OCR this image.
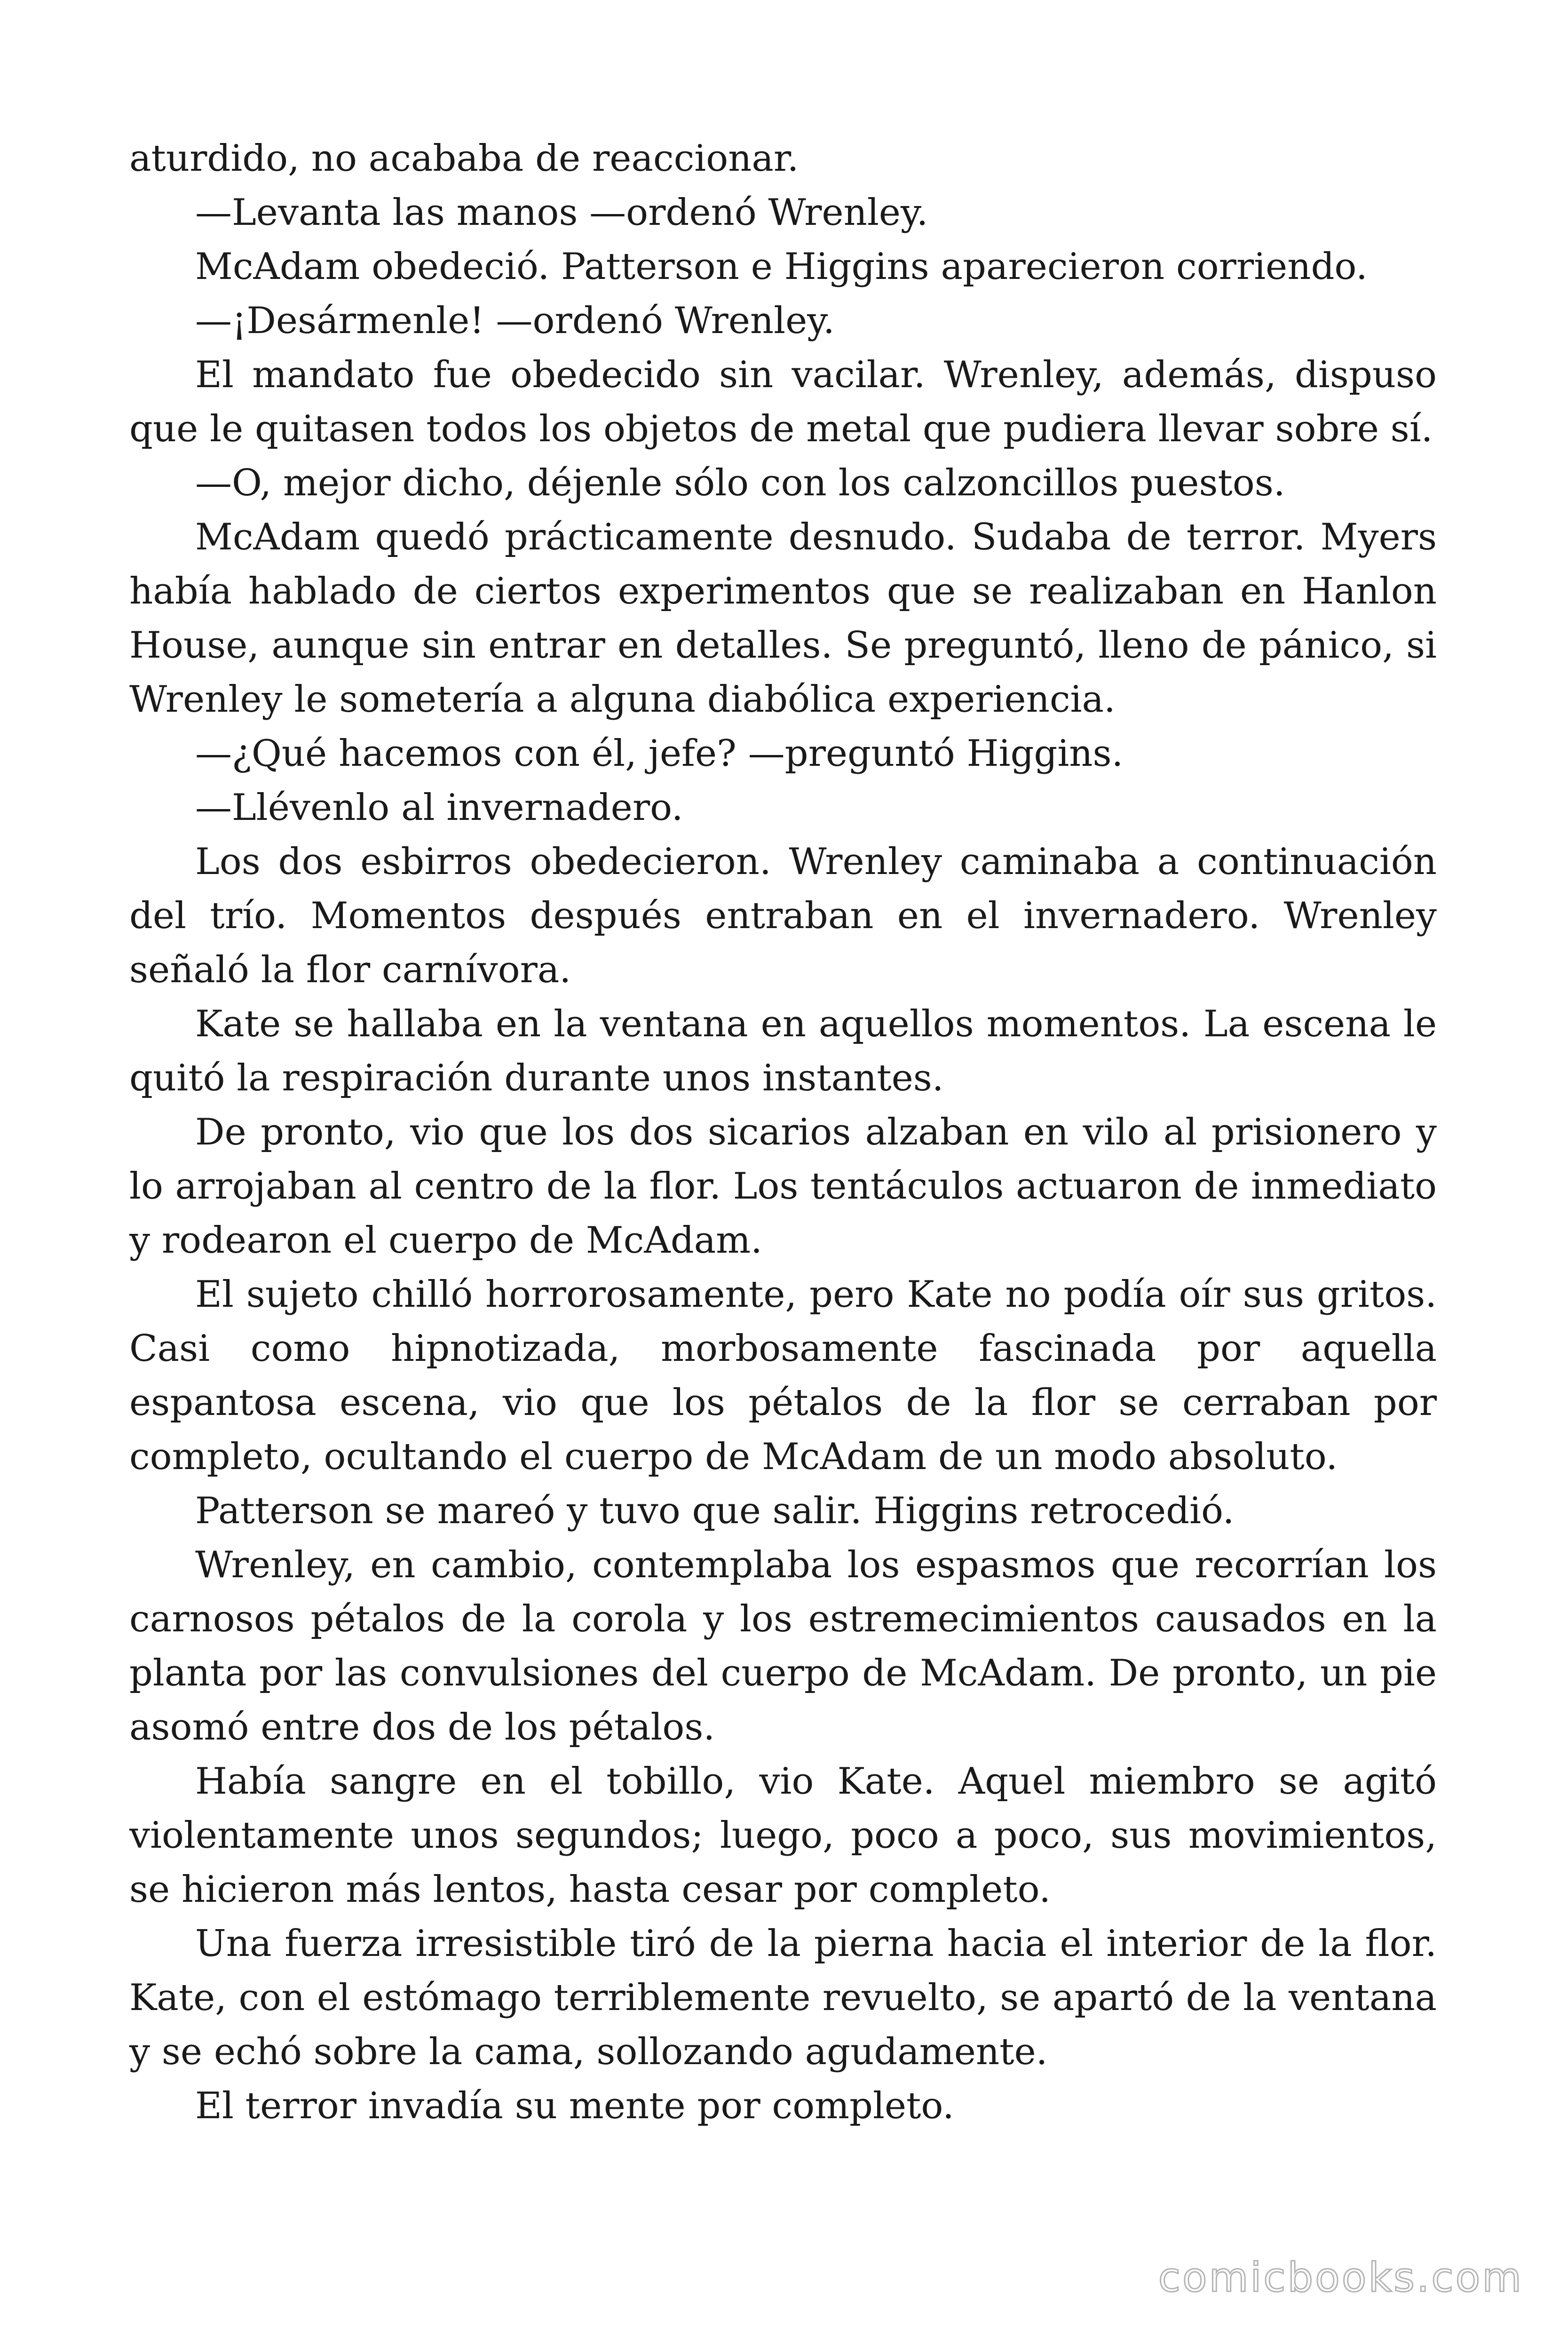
aturdido, no acababa de reaccionar.

—Levanta las manos —ordenó Wrenley.

McAdam obedeció. Patterson e Higgins aparecieron corriendo.

—¡Desármenle! —ordenó Wrenley.

El mandato fue obedecido sin vacilar. Wrenley, además, dispuso que le quitasen todos los objetos de metal que pudiera llevar sobre sí.

—O, mejor dicho, déjenle sólo con los calzoncillos puestos.

McAdam quedó prácticamente desnudo. Sudaba de terror. Myers había hablado de ciertos experimentos que se realizaban en Hanlon House, aunque sin entrar en detalles. Se preguntó, lleno de pánico, si Wrenley le sometería a alguna diabólica experiencia.

—¿Qué hacemos con él, jefe? —preguntó Higgins.

—Llévenlo al invernadero.

Los dos esbirros obedecieron. Wrenley caminaba a continuación del trío. Momentos después entraban en el invernadero. Wrenley señaló la flor carnívora.

Kate se hallaba en la ventana en aquellos momentos. La escena le quitó la respiración durante unos instantes.

De pronto, vio que los dos sicarios alzaban en vilo al prisionero y lo arrojaban al centro de la flor. Los tentáculos actuaron de inmediato y rodearon el cuerpo de McAdam.

El sujeto chilló horrorosamente, pero Kate no podía oír sus gritos. Casi como hipnotizada, morbosamente fascinada por aquella espantosa escena, vio que los pétalos de la flor se cerraban por completo, ocultando el cuerpo de McAdam de un modo absoluto.

Patterson se mareó y tuvo que salir. Higgins retrocedió.

Wrenley, en cambio, contemplaba los espasmos que recorrían los carnosos pétalos de la corola y los estremecimientos causados en la planta por las convulsiones del cuerpo de McAdam. De pronto, un pie asomó entre dos de los pétalos.

Había sangre en el tobillo, vio Kate. Aquel miembro se agitó violentamente unos segundos; luego, poco a poco, sus movimientos, se hicieron más lentos, hasta cesar por completo.

Una fuerza irresistible tiró de la pierna hacia el interior de la flor. Kate, con el estómago terriblemente revuelto, se apartó de la ventana y se echó sobre la cama, sollozando agudamente.

El terror invadía su mente por completo.

comicbooks.com
